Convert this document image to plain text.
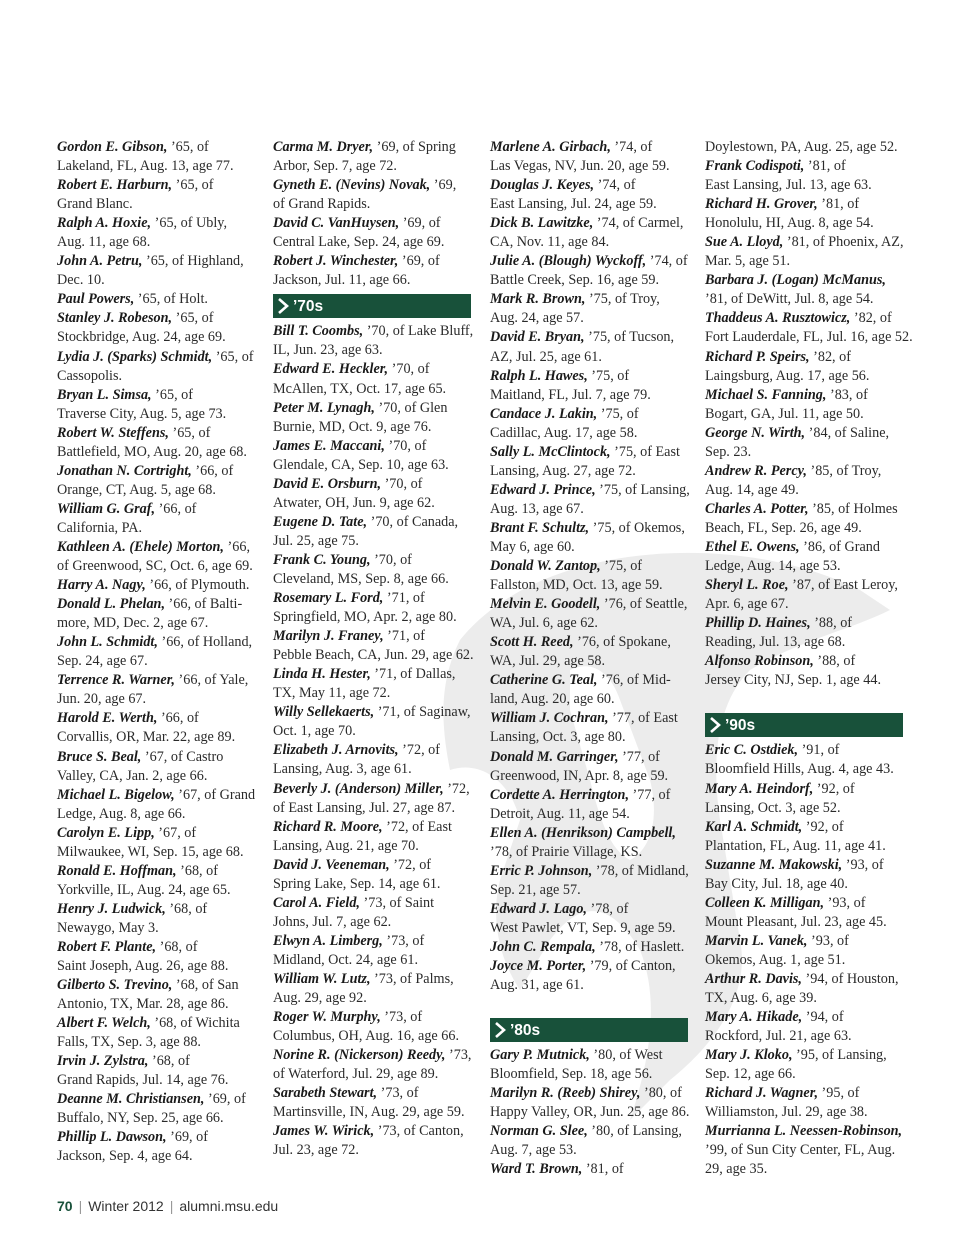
Gordon E. Gibson, ’65, of
Lakeland, FL, Aug. 13, age 77.
Robert E. Harburn, ’65, of
Grand Blanc.
Ralph A. Hoxie, ’65, of Ubly,
Aug. 11, age 68.
John A. Petru, ’65, of Highland,
Dec. 10.
Paul Powers, ’65, of Holt.
Stanley J. Robeson, ’65, of
Stockbridge, Aug. 24, age 69.
Lydia J. (Sparks) Schmidt, ’65, of
Cassopolis.
Bryan L. Simsa, ’65, of
Traverse City, Aug. 5, age 73.
Robert W. Steffens, ’65, of
Battlefield, MO, Aug. 20, age 68.
Jonathan N. Cortright, ’66, of
Orange, CT, Aug. 5, age 68.
William G. Graf, ’66, of
California, PA.
Kathleen A. (Ehele) Morton, ’66,
of Greenwood, SC, Oct. 6, age 69.
Harry A. Nagy, ’66, of Plymouth.
Donald L. Phelan, ’66, of Balti-
more, MD, Dec. 2, age 67.
John L. Schmidt, ’66, of Holland,
Sep. 24, age 67.
Terrence R. Warner, ’66, of Yale,
Jun. 20, age 67.
Harold E. Werth, ’66, of
Corvallis, OR, Mar. 22, age 89.
Bruce S. Beal, ’67, of Castro
Valley, CA, Jan. 2, age 66.
Michael L. Bigelow, ’67, of Grand
Ledge, Aug. 8, age 66.
Carolyn E. Lipp, ’67, of
Milwaukee, WI, Sep. 15, age 68.
Ronald E. Hoffman, ’68, of
Yorkville, IL, Aug. 24, age 65.
Henry J. Ludwick, ’68, of
Newaygo, May 3.
Robert F. Plante, ’68, of
Saint Joseph, Aug. 26, age 88.
Gilberto S. Trevino, ’68, of San
Antonio, TX, Mar. 28, age 86.
Albert F. Welch, ’68, of Wichita
Falls, TX, Sep. 3, age 88.
Irvin J. Zylstra, ’68, of
Grand Rapids, Jul. 14, age 76.
Deanne M. Christiansen, ’69, of
Buffalo, NY, Sep. 25, age 66.
Phillip L. Dawson, ’69, of
Jackson, Sep. 4, age 64.
Carma M. Dryer, ’69, of Spring
Arbor, Sep. 7, age 72.
Gyneth E. (Nevins) Novak, ’69,
of Grand Rapids.
David C. VanHuysen, ’69, of
Central Lake, Sep. 24, age 69.
Robert J. Winchester, ’69, of
Jackson, Jul. 11, age 66.
’70s
Bill T. Coombs, ’70, of Lake Bluff,
IL, Jun. 23, age 63.
Edward E. Heckler, ’70, of
McAllen, TX, Oct. 17, age 65.
Peter M. Lynagh, ’70, of Glen
Burnie, MD, Oct. 9, age 76.
James E. Maccani, ’70, of
Glendale, CA, Sep. 10, age 63.
David E. Orsburn, ’70, of
Atwater, OH, Jun. 9, age 62.
Eugene D. Tate, ’70, of Canada,
Jul. 25, age 75.
Frank C. Young, ’70, of
Cleveland, MS, Sep. 8, age 66.
Rosemary L. Ford, ’71, of
Springfield, MO, Apr. 2, age 80.
Marilyn J. Franey, ’71, of
Pebble Beach, CA, Jun. 29, age 62.
Linda H. Hester, ’71, of Dallas,
TX, May 11, age 72.
Willy Sellekaerts, ’71, of Saginaw,
Oct. 1, age 70.
Elizabeth J. Arnovits, ’72, of
Lansing, Aug. 3, age 61.
Beverly J. (Anderson) Miller, ’72,
of East Lansing, Jul. 27, age 87.
Richard R. Moore, ’72, of East
Lansing, Aug. 21, age 70.
David J. Veeneman, ’72, of
Spring Lake, Sep. 14, age 61.
Carol A. Field, ’73, of Saint
Johns, Jul. 7, age 62.
Elwyn A. Limberg, ’73, of
Midland, Oct. 24, age 61.
William W. Lutz, ’73, of Palms,
Aug. 29, age 92.
Roger W. Murphy, ’73, of
Columbus, OH, Aug. 16, age 66.
Norine R. (Nickerson) Reedy, ’73,
of Waterford, Jul. 29, age 89.
Sarabeth Stewart, ’73, of
Martinsville, IN, Aug. 29, age 59.
James W. Wirick, ’73, of Canton,
Jul. 23, age 72.
Marlene A. Girbach, ’74, of
Las Vegas, NV, Jun. 20, age 59.
Douglas J. Keyes, ’74, of
East Lansing, Jul. 24, age 59.
Dick B. Lawitzke, ’74, of Carmel,
CA, Nov. 11, age 84.
Julie A. (Blough) Wyckoff, ’74, of
Battle Creek, Sep. 16, age 59.
Mark R. Brown, ’75, of Troy,
Aug. 24, age 57.
David E. Bryan, ’75, of Tucson,
AZ, Jul. 25, age 61.
Ralph L. Hawes, ’75, of
Maitland, FL, Jul. 7, age 79.
Candace J. Lakin, ’75, of
Cadillac, Aug. 17, age 58.
Sally L. McClintock, ’75, of East
Lansing, Aug. 27, age 72.
Edward J. Prince, ’75, of Lansing,
Aug. 13, age 67.
Brant F. Schultz, ’75, of Okemos,
May 6, age 60.
Donald W. Zantop, ’75, of
Fallston, MD, Oct. 13, age 59.
Melvin E. Goodell, ’76, of Seattle,
WA, Jul. 6, age 62.
Scott H. Reed, ’76, of Spokane,
WA, Jul. 29, age 58.
Catherine G. Teal, ’76, of Mid-
land, Aug. 20, age 60.
William J. Cochran, ’77, of East
Lansing, Oct. 3, age 80.
Donald M. Garringer, ’77, of
Greenwood, IN, Apr. 8, age 59.
Cordette A. Herrington, ’77, of
Detroit, Aug. 11, age 54.
Ellen A. (Henrikson) Campbell,
’78, of Prairie Village, KS.
Erric P. Johnson, ’78, of Midland,
Sep. 21, age 57.
Edward J. Lago, ’78, of
West Pawlet, VT, Sep. 9, age 59.
John C. Rempala, ’78, of Haslett.
Joyce M. Porter, ’79, of Canton,
Aug. 31, age 61.
’80s
Gary P. Mutnick, ’80, of West
Bloomfield, Sep. 18, age 56.
Marilyn R. (Reeb) Shirey, ’80, of
Happy Valley, OR, Jun. 25, age 86.
Norman G. Slee, ’80, of Lansing,
Aug. 7, age 53.
Ward T. Brown, ’81, of
Doylestown, PA, Aug. 25, age 52.
Frank Codispoti, ’81, of
East Lansing, Jul. 13, age 63.
Richard H. Grover, ’81, of
Honolulu, HI, Aug. 8, age 54.
Sue A. Lloyd, ’81, of Phoenix, AZ,
Mar. 5, age 51.
Barbara J. (Logan) McManus,
’81, of DeWitt, Jul. 8, age 54.
Thaddeus A. Rusztowicz, ’82, of
Fort Lauderdale, FL, Jul. 16, age 52.
Richard P. Speirs, ’82, of
Laingsburg, Aug. 17, age 56.
Michael S. Fanning, ’83, of
Bogart, GA, Jul. 11, age 50.
George N. Wirth, ’84, of Saline,
Sep. 23.
Andrew R. Percy, ’85, of Troy,
Aug. 14, age 49.
Charles A. Potter, ’85, of Holmes
Beach, FL, Sep. 26, age 49.
Ethel E. Owens, ’86, of Grand
Ledge, Aug. 14, age 53.
Sheryl L. Roe, ’87, of East Leroy,
Apr. 6, age 67.
Phillip D. Haines, ’88, of
Reading, Jul. 13, age 68.
Alfonso Robinson, ’88, of
Jersey City, NJ, Sep. 1, age 44.
’90s
Eric C. Ostdiek, ’91, of
Bloomfield Hills, Aug. 4, age 43.
Mary A. Heindorf, ’92, of
Lansing, Oct. 3, age 52.
Karl A. Schmidt, ’92, of
Plantation, FL, Aug. 11, age 41.
Suzanne M. Makowski, ’93, of
Bay City, Jul. 18, age 40.
Colleen K. Milligan, ’93, of
Mount Pleasant, Jul. 23, age 45.
Marvin L. Vanek, ’93, of
Okemos, Aug. 1, age 51.
Arthur R. Davis, ’94, of Houston,
TX, Aug. 6, age 39.
Mary A. Hikade, ’94, of
Rockford, Jul. 21, age 63.
Mary J. Kloko, ’95, of Lansing,
Sep. 12, age 66.
Richard J. Wagner, ’95, of
Williamston, Jul. 29, age 38.
Murrianna L. Neessen-Robinson,
’99, of Sun City Center, FL, Aug.
29, age 35.
70 | Winter 2012 | alumni.msu.edu
